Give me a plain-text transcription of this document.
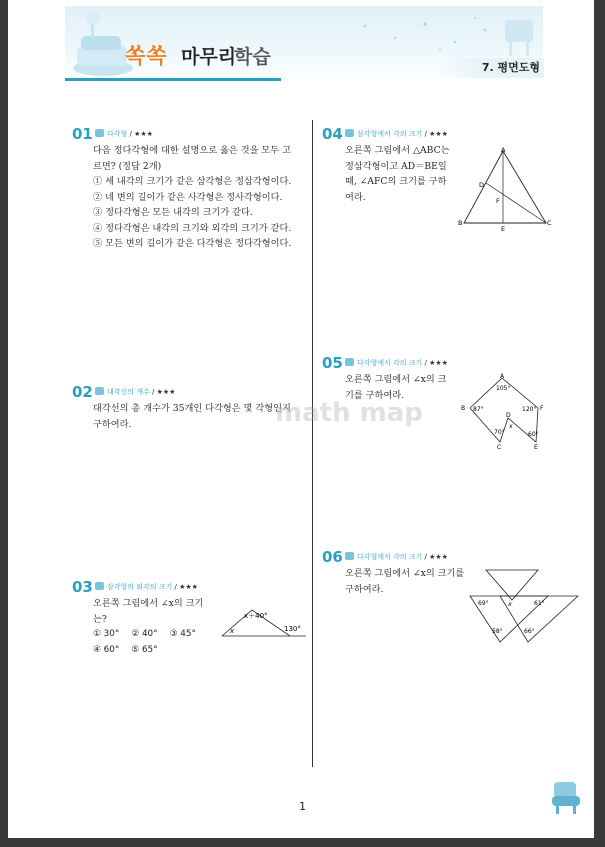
쏙쏙 마무리
학습	7. 평면도형
01	다각형 / ★★★
다음 정다각형에 대한 설명으로 옳은 것을 모두 고
르면? (정답 2개)
① 세 내각의 크기가 같은 삼각형은 정삼각형이다.
② 네 변의 길이가 같은 사각형은 정사각형이다.
③ 정다각형은 모든 내각의 크기가 같다.
④ 정다각형은 내각의 크기와 외각의 크기가 같다.
⑤ 모든 변의 길이가 같은 다각형은 정다각형이다.
02	대각선의 개수 / ★★★
대각선의 총 개수가 35개인 다각형은 몇 각형인지
구하여라.
03	삼각형의 외각의 크기 / ★★★
오른쪽 그림에서 ∠x의 크기
는?
① 30° ② 40° ③ 45°
④ 60° ⑤ 65°
x＋40°
x	130°
04	삼각형에서 각의 크기 / ★★★
오른쪽 그림에서 △ABC는
정삼각형이고 AD＝BE일
때, ∠AFC의 크기를 구하
여라.
A
B	C
D
E
F
05	다각형에서 각의 크기 / ★★★
오른쪽 그림에서 ∠x의 크
기를 구하여라.
A
B	F
C	E
D
105°
87°	120°
70°	60°
x
math map
06	다각형에서 각의 크기 / ★★★
오른쪽 그림에서 ∠x의 크기를
구하여라.
69°	61°
58°	66°
x
1
